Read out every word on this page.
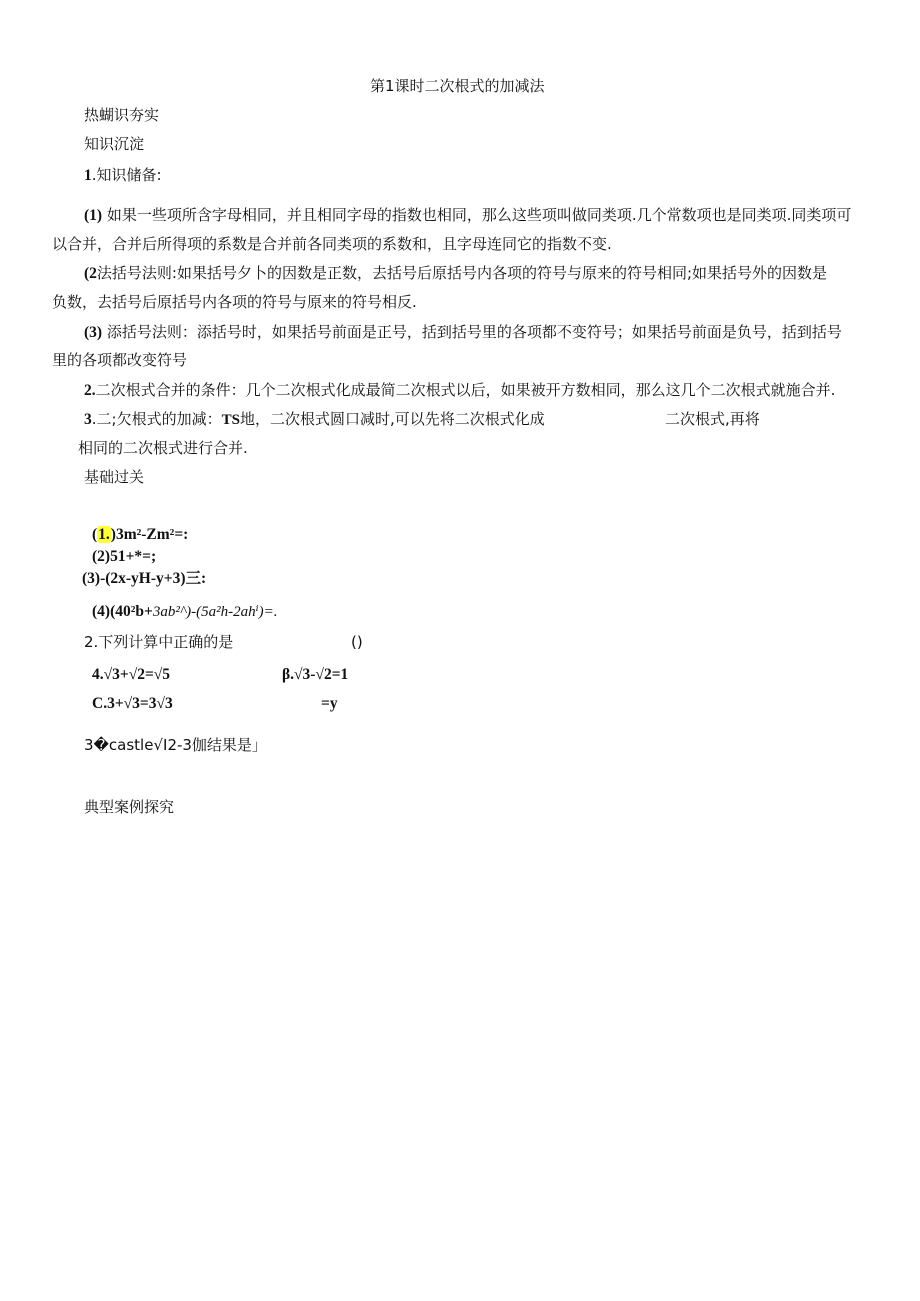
第1课时二次根式的加减法
热蝴识夯实
知识沉淀
1.知识储备:
(1) 如果一些项所含字母相同，并且相同字母的指数也相同，那么这些项叫做同类项.几个常数项也是同类项.同类项可
以合并，合并后所得项的系数是合并前各同类项的系数和，且字母连同它的指数不变.
(2法括号法则:如果括号夕卜的因数是正数，去括号后原括号内各项的符号与原来的符号相同;如果括号外的因数是
负数，去括号后原括号内各项的符号与原来的符号相反.
(3) 添括号法则：添括号时，如果括号前面是正号，括到括号里的各项都不变符号；如果括号前面是负号，括到括号
里的各项都改变符号
2.二次根式合并的条件：几个二次根式化成最简二次根式以后，如果被开方数相同，那么这几个二次根式就施合并.
3.二;欠根式的加减：TS地，二次根式圆口减时,可以先将二次根式化成	二次根式,再将
相同的二次根式进行合并.
基础过关
(1.)3m²-Zm²=:
(2)51+*=;
(3)-(2x-yH-y+3)三:
(4)(40²b+3ab²^)-(5a²h-2ahⁱ)=.
2.下列计算中正确的是	()
4.√3+√2=√5	β.√3-√2=1
C.3+√3=3√3	=y
3�castle√I2-3伽结果是」
典型案例探究
